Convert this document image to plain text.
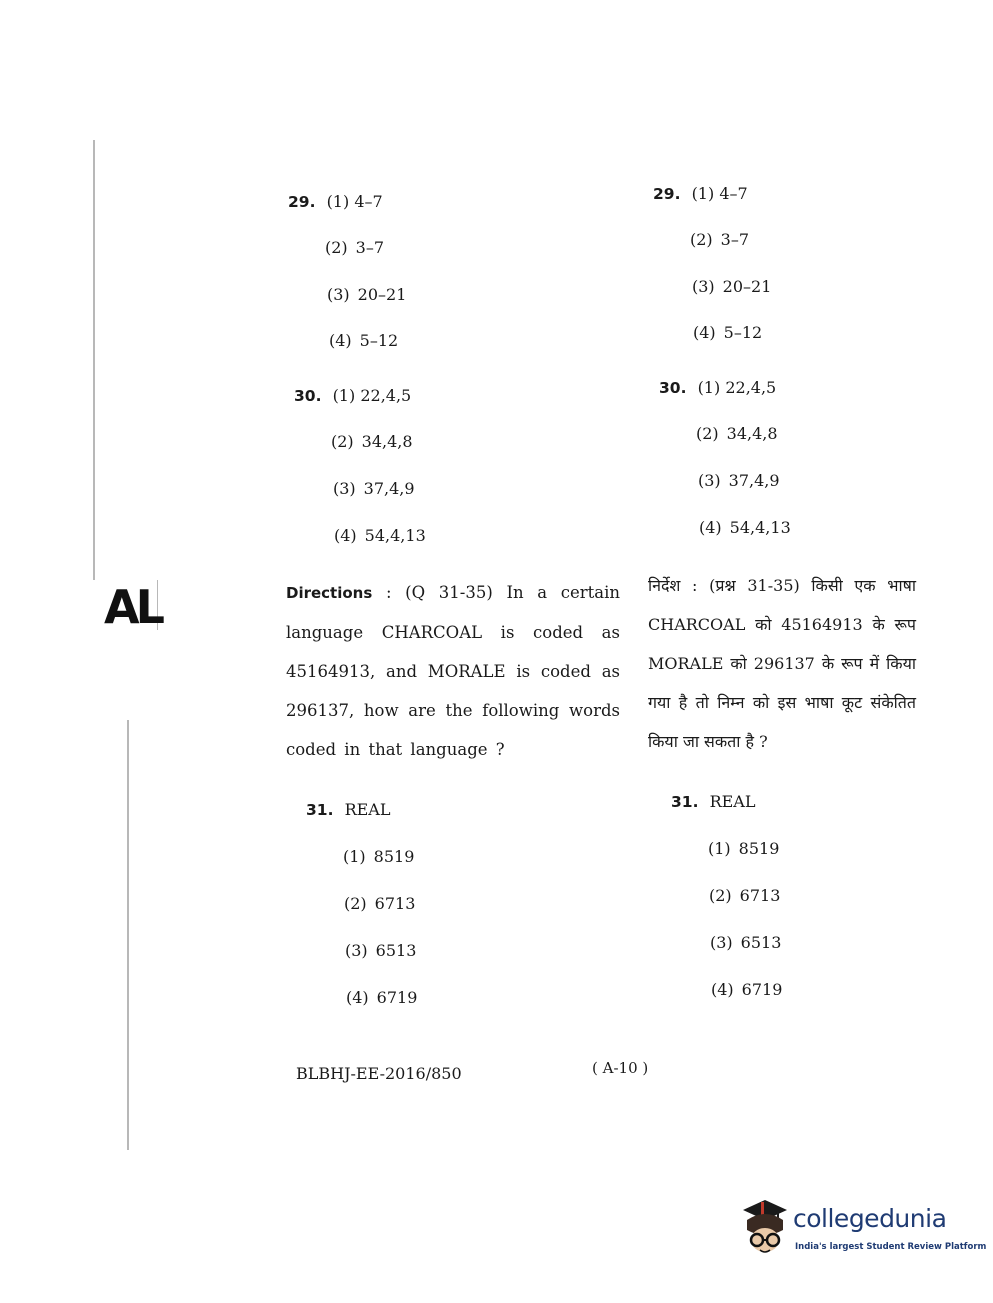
AL
29. (1) 4–7
(2) 3–7
(3) 20–21
(4) 5–12
30. (1) 22,4,5
(2) 34,4,8
(3) 37,4,9
(4) 54,4,13
Directions : (Q 31-35) In a certain language CHARCOAL is coded as 45164913, and MORALE is coded as 296137, how are the following words coded in that language ?
31. REAL
(1) 8519
(2) 6713
(3) 6513
(4) 6719
29. (1) 4–7
(2) 3–7
(3) 20–21
(4) 5–12
30. (1) 22,4,5
(2) 34,4,8
(3) 37,4,9
(4) 54,4,13
निर्देश : (प्रश्न 31-35) किसी एक भाषा CHARCOAL को 45164913 के रूप MORALE को 296137 के रूप में किया गया है तो निम्न को इस भाषा कूट संकेतित किया जा सकता है ?
31. REAL
(1) 8519
(2) 6713
(3) 6513
(4) 6719
BLBHJ-EE-2016/850	( A-10 )
collegedunia
India's largest Student Review Platform
